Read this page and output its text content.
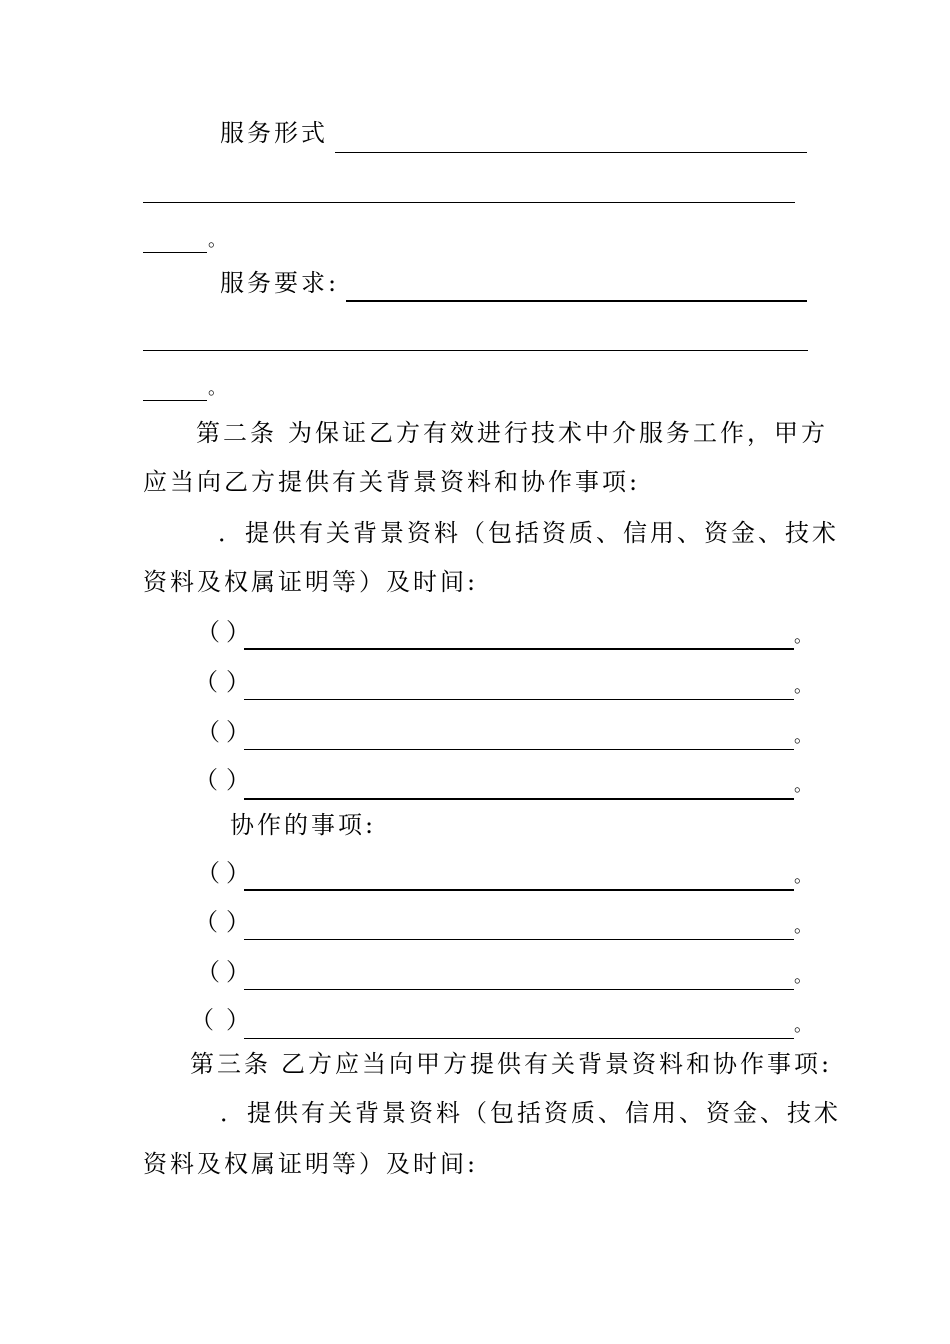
服务形式
。
服务要求:
。
第二条 为保证乙方有效进行技术中介服务工作，甲方
应当向乙方提供有关背景资料和协作事项:
．提供有关背景资料（包括资质、信用、资金、技术
资料及权属证明等）及时间:
（ ）	。
（ ）	。
（ ）	。
（ ）	。
协作的事项:
（ ）	。
（ ）	。
（ ）	。
（ ）	。
第三条 乙方应当向甲方提供有关背景资料和协作事项:
．提供有关背景资料（包括资质、信用、资金、技术
资料及权属证明等）及时间:
